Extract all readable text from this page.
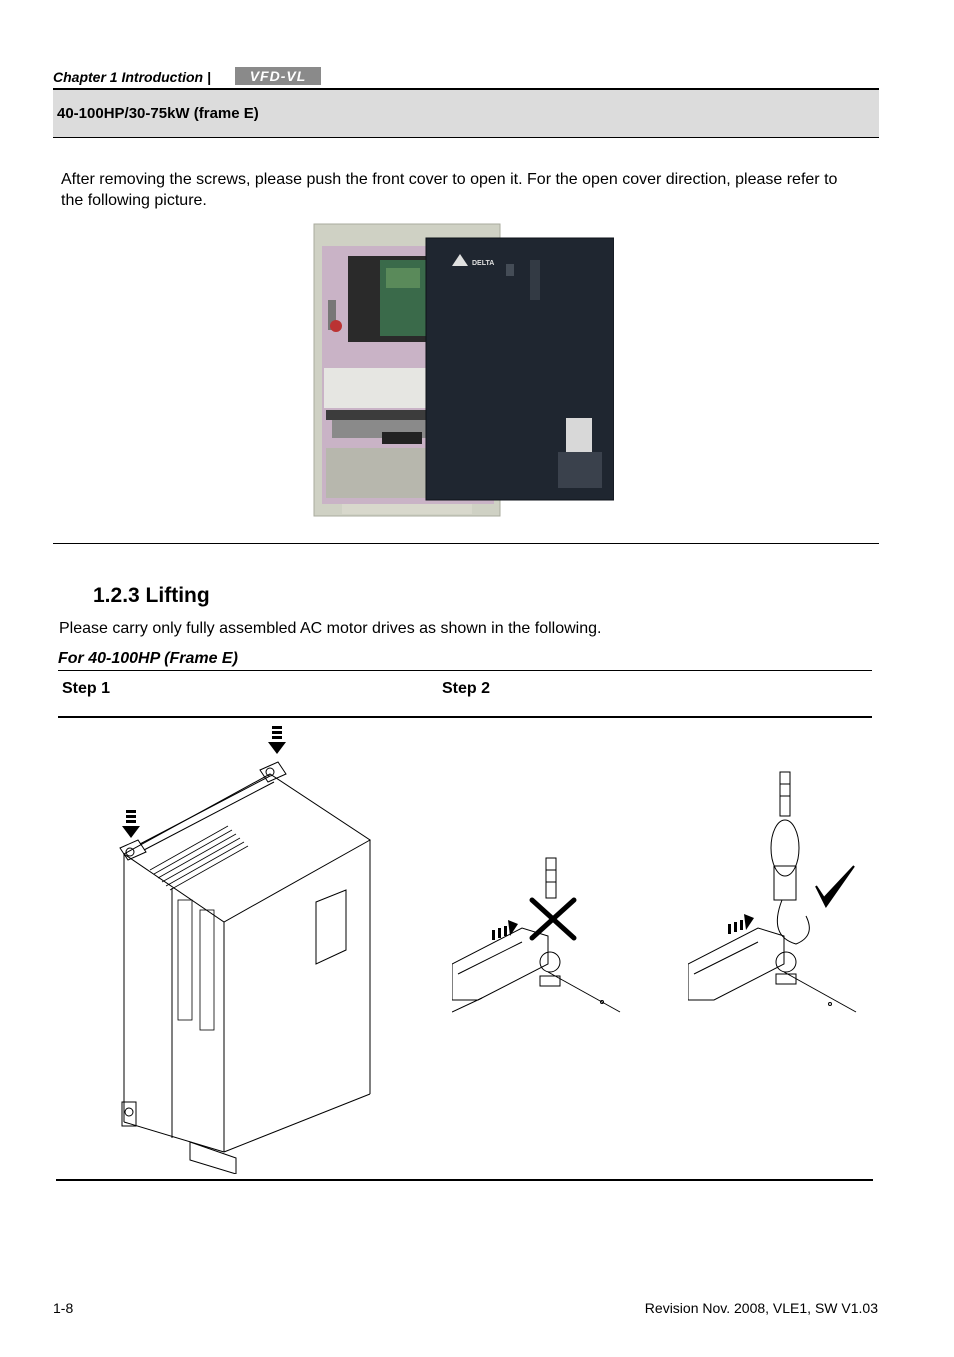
Chapter 1 Introduction |	VFD-VL
40-100HP/30-75kW (frame E)
After removing the screws, please push the front cover to open it. For the open cover direction, please refer to the following picture.
DELTA
1.2.3 Lifting
Please carry only fully assembled AC motor drives as shown in the following.
For 40-100HP (Frame E)
Step 1	Step 2
1-8	Revision Nov. 2008, VLE1, SW V1.03
